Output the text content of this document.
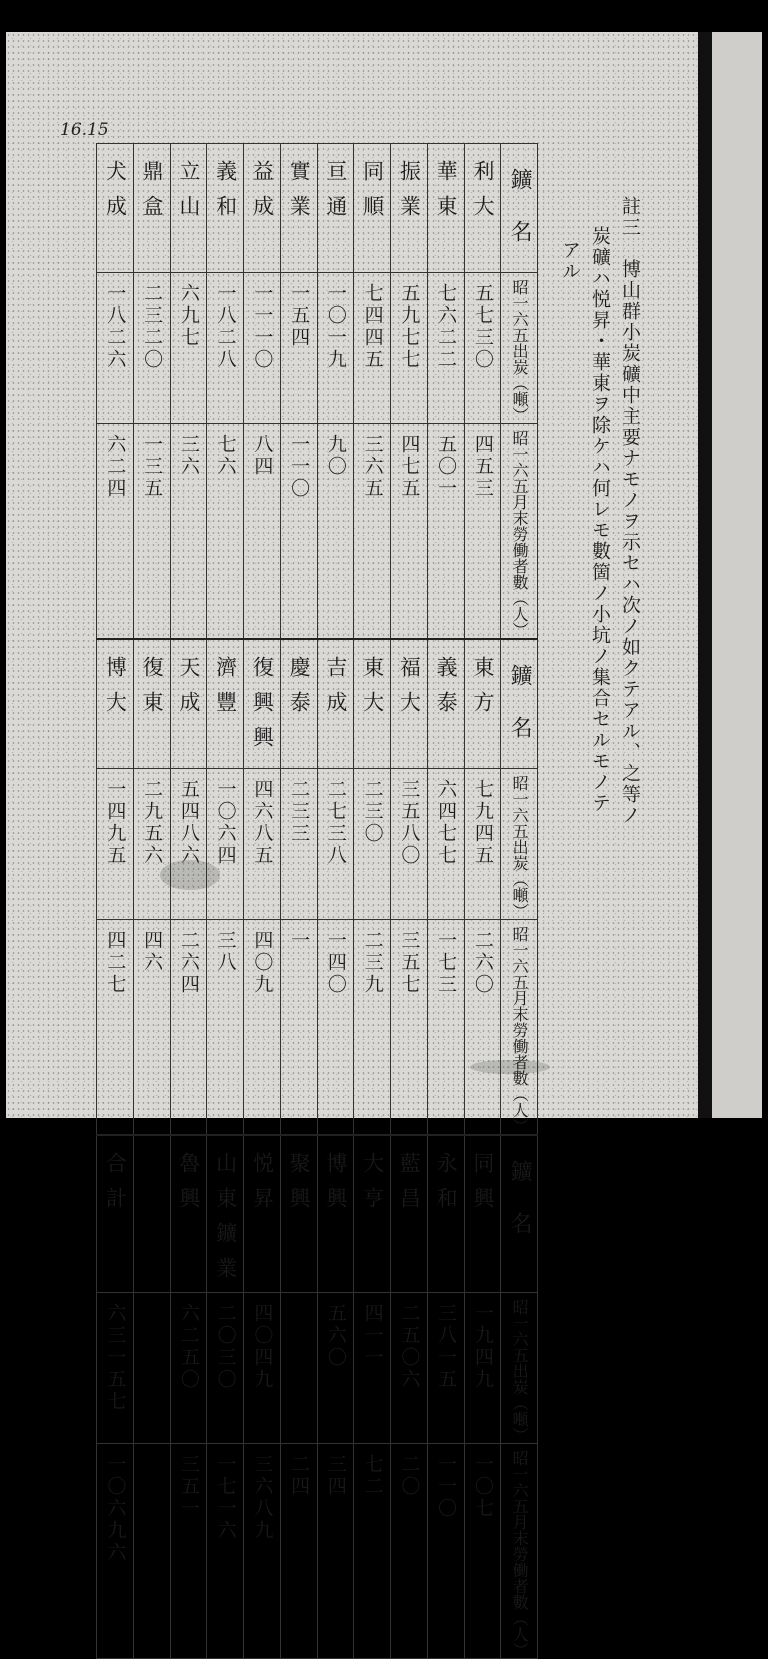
16.15
註三　博山群小炭礦中主要ナモノヲ示セハ次ノ如クテアル、之等ノ
炭礦ハ悦昇・華東ヲ除ケハ何レモ數箇ノ小坑ノ集合セルモノテ
アル
鑛名	利大	華東	振業	同順	亘通	實業	益成	義和	立山	鼎盒	犬成

昭一六五出炭（噸）	五七三〇	七六二二	五九七七	七四四五	一〇一九	一五四	一一一〇	一八二八	六九七	二三二〇	一八二六

昭一六五月末勞働者數（人）	四五三	五〇一	四七五	三六五	九〇	一一〇	八四	七六	三六	一三五	六二四

鑛名	東方	義泰	福大	東大	吉成	慶泰	復興興	濟豐	天成	復東	博大

昭一六五出炭（噸）	七九四五	六四七七	三五八〇	二三〇	二七三八	二三三	四六八五	一〇六四	五四八六	二九五六	一四九五

昭一六五月末勞働者數（人）	二六〇	一七三	三五七	二三九	一四〇	一	四〇九	三八	二六四	四六	四二七

鑛名	同興	永和	藍昌	大亨	博興	聚興	悦昇	山東鑛業	魯興		合計

昭一六五出炭（噸）	一九四九	三八一五	二五〇六	四一一	五六〇		四〇四九	二〇三〇	六二五〇		六三一五七

昭一六五月末勞働者數（人）	一〇七	一一〇	二〇	七二	三四	二四	三六八九	一七一六	三五一		一〇六九六
